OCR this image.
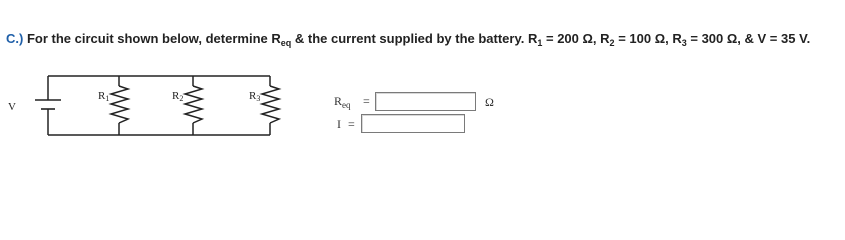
C.) For the circuit shown below, determine $R_{eq}$ & the current supplied by the battery. $R_1 = 200$ Ω, $R_2 = 100$ Ω, $R_3 = 300$ Ω, & V = 35 V.
V
R1	R2	R3	$R_{eq}$ =	Ω
I =
